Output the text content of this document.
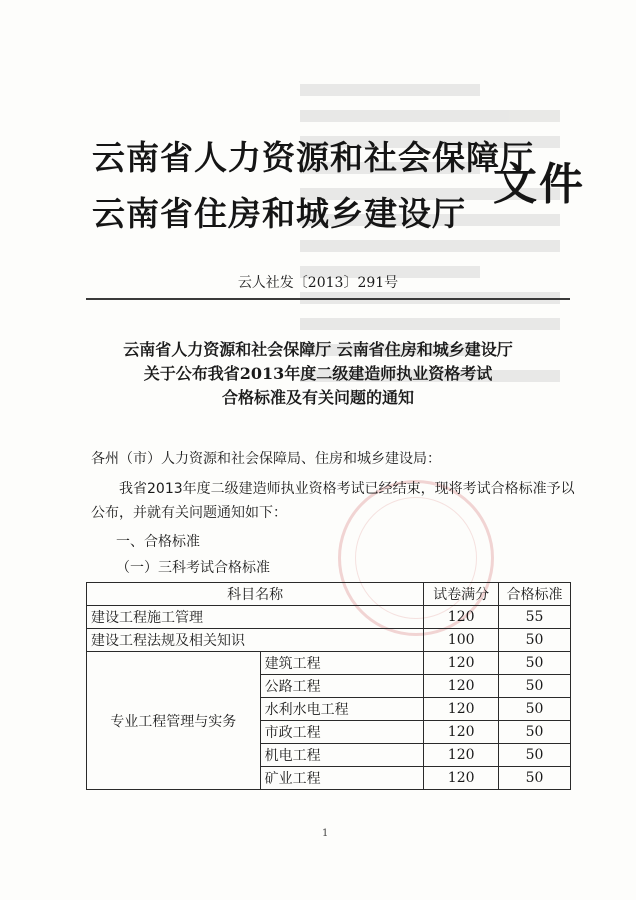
云南省人力资源和社会保障厅
云南省住房和城乡建设厅
文件
云人社发〔2013〕291号
云南省人力资源和社会保障厅 云南省住房和城乡建设厅
关于公布我省2013年度二级建造师执业资格考试
合格标准及有关问题的通知
各州（市）人力资源和社会保障局、住房和城乡建设局：
我省2013年度二级建造师执业资格考试已经结束，现将考试合格标准予以公布，并就有关问题通知如下：
一、合格标准
（一）三科考试合格标准
科目名称		试卷满分	合格标准
建设工程施工管理		120	55
建设工程法规及相关知识		100	50
专业工程管理与实务	建筑工程	120	50
	公路工程	120	50
	水利水电工程	120	50
	市政工程	120	50
	机电工程	120	50
	矿业工程	120	50
1
